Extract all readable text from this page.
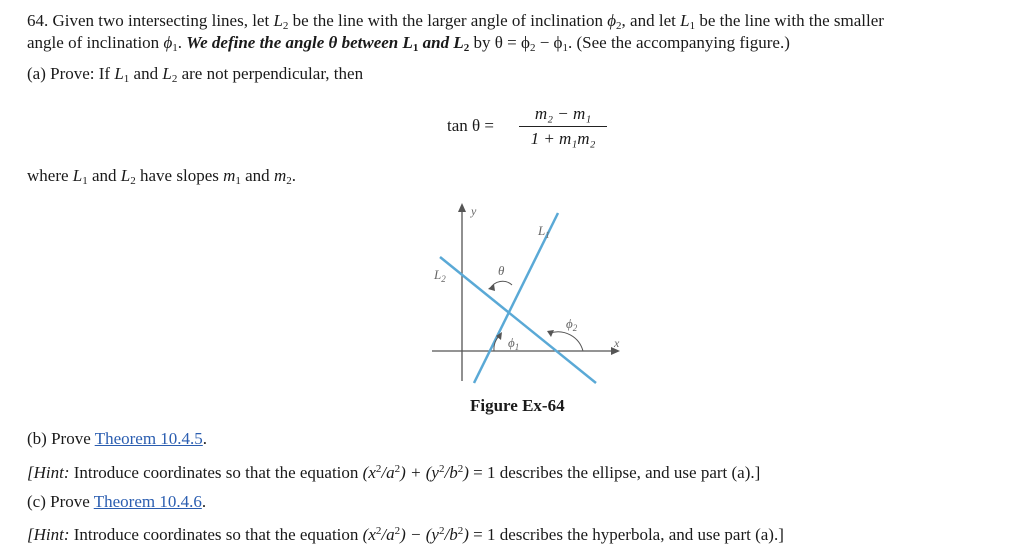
64. Given two intersecting lines, let $L_2$ be the line with the larger angle of inclination $\phi_2$, and let $L_1$ be the line with the smaller
angle of inclination $\phi_1$. We define the angle θ between $L_1$ and $L_2$ by $\theta = \phi_2 - \phi_1$. (See the accompanying figure.)
(a) Prove: If $L_1$ and $L_2$ are not perpendicular, then
tan θ =
m₂ − m₁
1 + m₁m₂
where $L_1$ and $L_2$ have slopes $m_1$ and $m_2$.
y
x
$L_1$
$L_2$
θ
$\phi_1$
$\phi_2$
Figure Ex-64
(b) Prove Theorem 10.4.5.
[Hint: Introduce coordinates so that the equation $(x^2/a^2) + (y^2/b^2) = 1$ describes the ellipse, and use part (a).]
(c) Prove Theorem 10.4.6.
[Hint: Introduce coordinates so that the equation $(x^2/a^2) - (y^2/b^2) = 1$ describes the hyperbola, and use part (a).]
